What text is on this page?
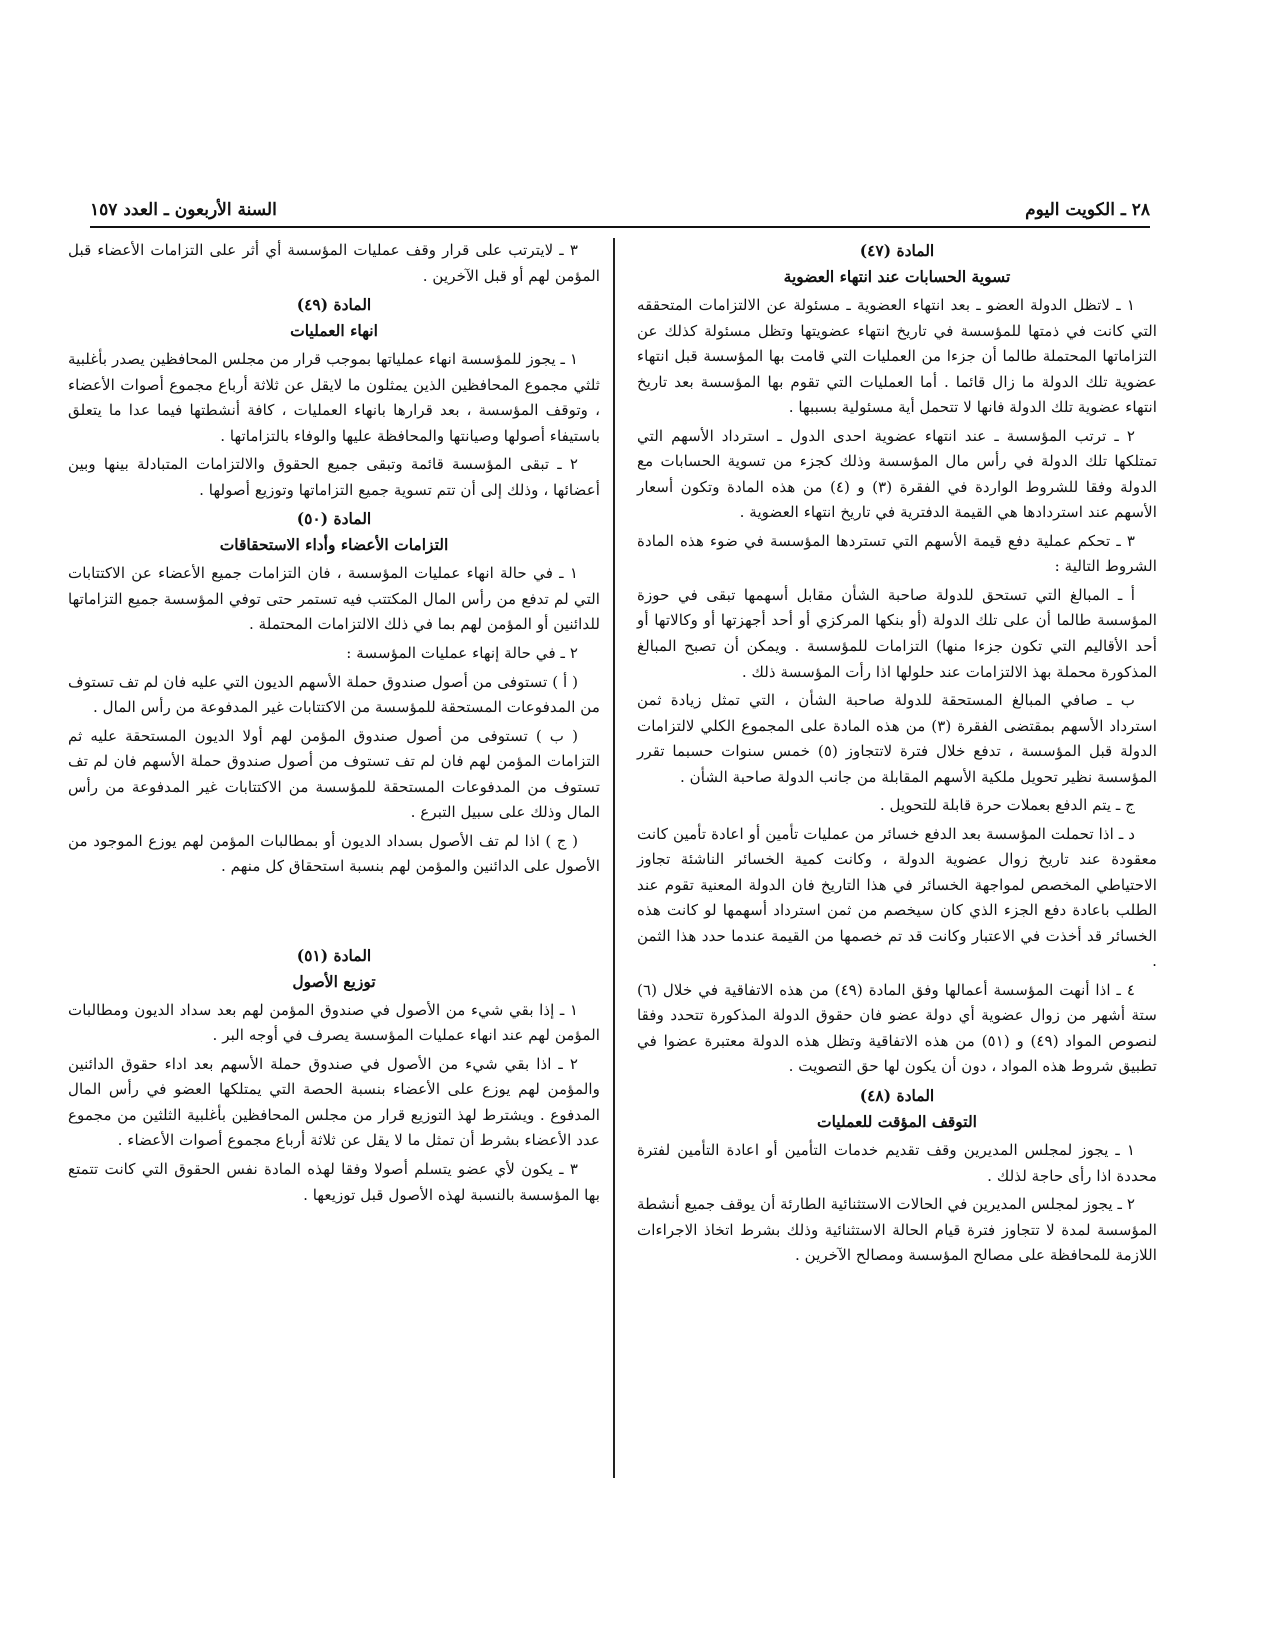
٢٨ ـ الكويت اليوم
السنة الأربعون ـ العدد ١٥٧
المادة (٤٧)
تسوية الحسابات عند انتهاء العضوية

١ ـ لاتظل الدولة العضو ـ بعد انتهاء العضوية ـ مسئولة عن الالتزامات المتحققه التي كانت في ذمتها للمؤسسة في تاريخ انتهاء عضويتها وتظل مسئولة كذلك عن التزاماتها المحتملة طالما أن جزءا من العمليات التي قامت بها المؤسسة قبل انتهاء عضوية تلك الدولة ما زال قائما . أما العمليات التي تقوم بها المؤسسة بعد تاريخ انتهاء عضوية تلك الدولة فانها لا تتحمل أية مسئولية بسببها .

٢ ـ ترتب المؤسسة ـ عند انتهاء عضوية احدى الدول ـ استرداد الأسهم التي تمتلكها تلك الدولة في رأس مال المؤسسة وذلك كجزء من تسوية الحسابات مع الدولة وفقا للشروط الواردة في الفقرة (٣) و (٤) من هذه المادة وتكون أسعار الأسهم عند استردادها هي القيمة الدفترية في تاريخ انتهاء العضوية .

٣ ـ تحكم عملية دفع قيمة الأسهم التي تستردها المؤسسة في ضوء هذه المادة الشروط التالية :

أ ـ المبالغ التي تستحق للدولة صاحبة الشأن مقابل أسهمها تبقى في حوزة المؤسسة طالما أن على تلك الدولة (أو بنكها المركزي أو أحد أجهزتها أو وكالاتها أو أحد الأقاليم التي تكون جزءا منها) التزامات للمؤسسة . ويمكن أن تصبح المبالغ المذكورة محملة بهذ الالتزامات عند حلولها اذا رأت المؤسسة ذلك .

ب ـ صافي المبالغ المستحقة للدولة صاحبة الشأن ، التي تمثل زيادة ثمن استرداد الأسهم بمقتضى الفقرة (٣) من هذه المادة على المجموع الكلي لالتزامات الدولة قبل المؤسسة ، تدفع خلال فترة لاتتجاوز (٥) خمس سنوات حسبما تقرر المؤسسة نظير تحويل ملكية الأسهم المقابلة من جانب الدولة صاحبة الشأن .

ج ـ يتم الدفع بعملات حرة قابلة للتحويل .

د ـ اذا تحملت المؤسسة بعد الدفع خسائر من عمليات تأمين أو اعادة تأمين كانت معقودة عند تاريخ زوال عضوية الدولة ، وكانت كمية الخسائر الناشئة تجاوز الاحتياطي المخصص لمواجهة الخسائر في هذا التاريخ فان الدولة المعنية تقوم عند الطلب باعادة دفع الجزء الذي كان سيخصم من ثمن استرداد أسهمها لو كانت هذه الخسائر قد أخذت في الاعتبار وكانت قد تم خصمها من القيمة عندما حدد هذا الثمن .

٤ ـ اذا أنهت المؤسسة أعمالها وفق المادة (٤٩) من هذه الاتفاقية في خلال (٦) ستة أشهر من زوال عضوية أي دولة عضو فان حقوق الدولة المذكورة تتحدد وفقا لنصوص المواد (٤٩) و (٥١) من هذه الاتفاقية وتظل هذه الدولة معتبرة عضوا في تطبيق شروط هذه المواد ، دون أن يكون لها حق التصويت .

المادة (٤٨)
التوقف المؤقت للعمليات

١ ـ يجوز لمجلس المديرين وقف تقديم خدمات التأمين أو اعادة التأمين لفترة محددة اذا رأى حاجة لذلك .

٢ ـ يجوز لمجلس المديرين في الحالات الاستثنائية الطارئة أن يوقف جميع أنشطة المؤسسة لمدة لا تتجاوز فترة قيام الحالة الاستثنائية وذلك بشرط اتخاذ الاجراءات اللازمة للمحافظة على مصالح المؤسسة ومصالح الآخرين .

٣ ـ لايترتب على قرار وقف عمليات المؤسسة أي أثر على التزامات الأعضاء قبل المؤمن لهم أو قبل الآخرين .

المادة (٤٩)
انهاء العمليات

١ ـ يجوز للمؤسسة انهاء عملياتها بموجب قرار من مجلس المحافظين يصدر بأغلبية ثلثي مجموع المحافظين الذين يمثلون ما لايقل عن ثلاثة أرباع مجموع أصوات الأعضاء ، وتوقف المؤسسة ، بعد قرارها بانهاء العمليات ، كافة أنشطتها فيما عدا ما يتعلق باستيفاء أصولها وصيانتها والمحافظة عليها والوفاء بالتزاماتها .

٢ ـ تبقى المؤسسة قائمة وتبقى جميع الحقوق والالتزامات المتبادلة بينها وبين أعضائها ، وذلك إلى أن تتم تسوية جميع التزاماتها وتوزيع أصولها .

المادة (٥٠)
التزامات الأعضاء وأداء الاستحقاقات

١ ـ في حالة انهاء عمليات المؤسسة ، فان التزامات جميع الأعضاء عن الاكتتابات التي لم تدفع من رأس المال المكتتب فيه تستمر حتى توفي المؤسسة جميع التزاماتها للدائنين أو المؤمن لهم بما في ذلك الالتزامات المحتملة .

٢ ـ في حالة إنهاء عمليات المؤسسة :

( أ ) تستوفى من أصول صندوق حملة الأسهم الديون التي عليه فان لم تف تستوف من المدفوعات المستحقة للمؤسسة من الاكتتابات غير المدفوعة من رأس المال .

( ب ) تستوفى من أصول صندوق المؤمن لهم أولا الديون المستحقة عليه ثم التزامات المؤمن لهم فان لم تف تستوف من أصول صندوق حملة الأسهم فان لم تف تستوف من المدفوعات المستحقة للمؤسسة من الاكتتابات غير المدفوعة من رأس المال وذلك على سبيل التبرع .

( ج ) اذا لم تف الأصول بسداد الديون أو بمطالبات المؤمن لهم يوزع الموجود من الأصول على الدائنين والمؤمن لهم بنسبة استحقاق كل منهم .

المادة (٥١)
توزيع الأصول

١ ـ إذا بقي شيء من الأصول في صندوق المؤمن لهم بعد سداد الديون ومطالبات المؤمن لهم عند انهاء عمليات المؤسسة يصرف في أوجه البر .

٢ ـ اذا بقي شيء من الأصول في صندوق حملة الأسهم بعد اداء حقوق الدائنين والمؤمن لهم يوزع على الأعضاء بنسبة الحصة التي يمتلكها العضو في رأس المال المدفوع . ويشترط لهذ التوزيع قرار من مجلس المحافظين بأغلبية الثلثين من مجموع عدد الأعضاء بشرط أن تمثل ما لا يقل عن ثلاثة أرباع مجموع أصوات الأعضاء .

٣ ـ يكون لأي عضو يتسلم أصولا وفقا لهذه المادة نفس الحقوق التي كانت تتمتع بها المؤسسة بالنسبة لهذه الأصول قبل توزيعها .
